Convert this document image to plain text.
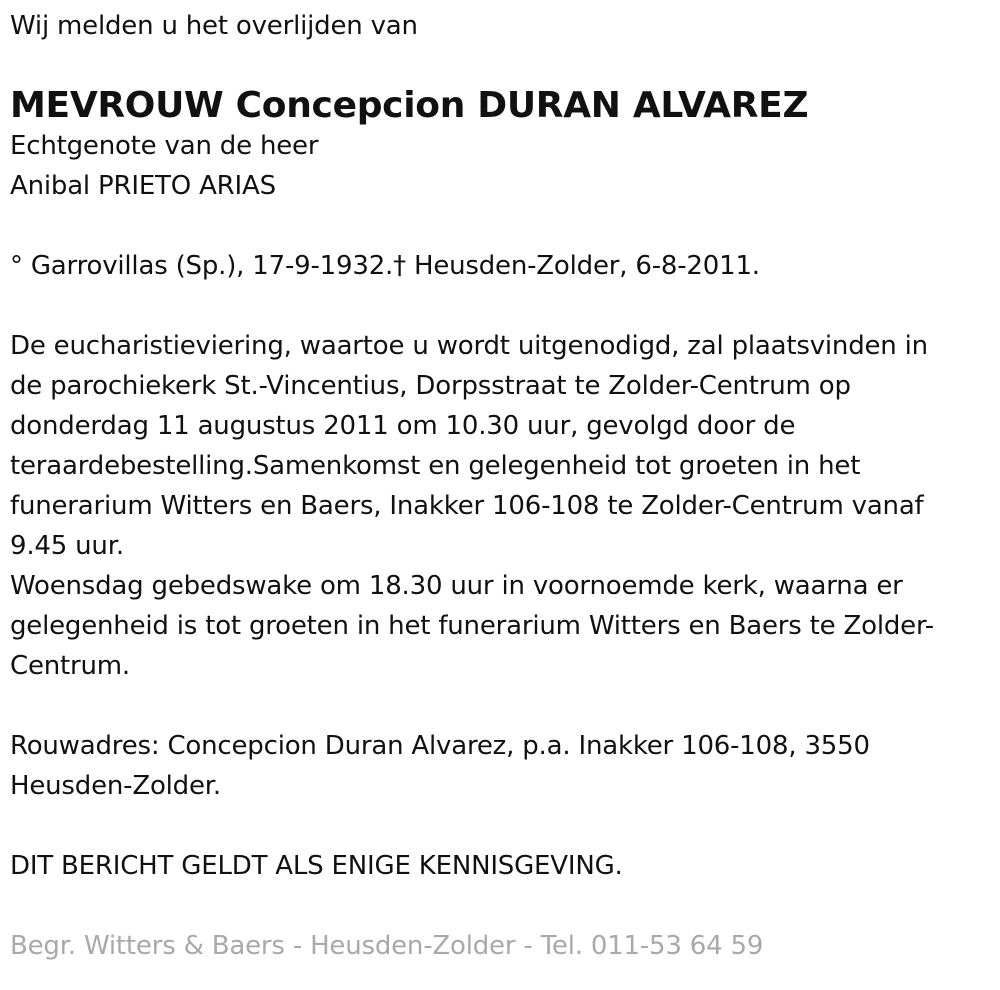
Wij melden u het overlijden van
MEVROUW Concepcion DURAN ALVAREZ
Echtgenote van de heer
Anibal PRIETO ARIAS
° Garrovillas (Sp.), 17-9-1932.† Heusden-Zolder, 6-8-2011.
De eucharistieviering, waartoe u wordt uitgenodigd, zal plaatsvinden in
de parochiekerk St.-Vincentius, Dorpsstraat te Zolder-Centrum op
donderdag 11 augustus 2011 om 10.30 uur, gevolgd door de
teraardebestelling.Samenkomst en gelegenheid tot groeten in het
funerarium Witters en Baers, Inakker 106-108 te Zolder-Centrum vanaf
9.45 uur.
Woensdag gebedswake om 18.30 uur in voornoemde kerk, waarna er
gelegenheid is tot groeten in het funerarium Witters en Baers te Zolder-
Centrum.
Rouwadres: Concepcion Duran Alvarez, p.a. Inakker 106-108, 3550
Heusden-Zolder.
DIT BERICHT GELDT ALS ENIGE KENNISGEVING.
Begr. Witters & Baers - Heusden-Zolder - Tel. 011-53 64 59
